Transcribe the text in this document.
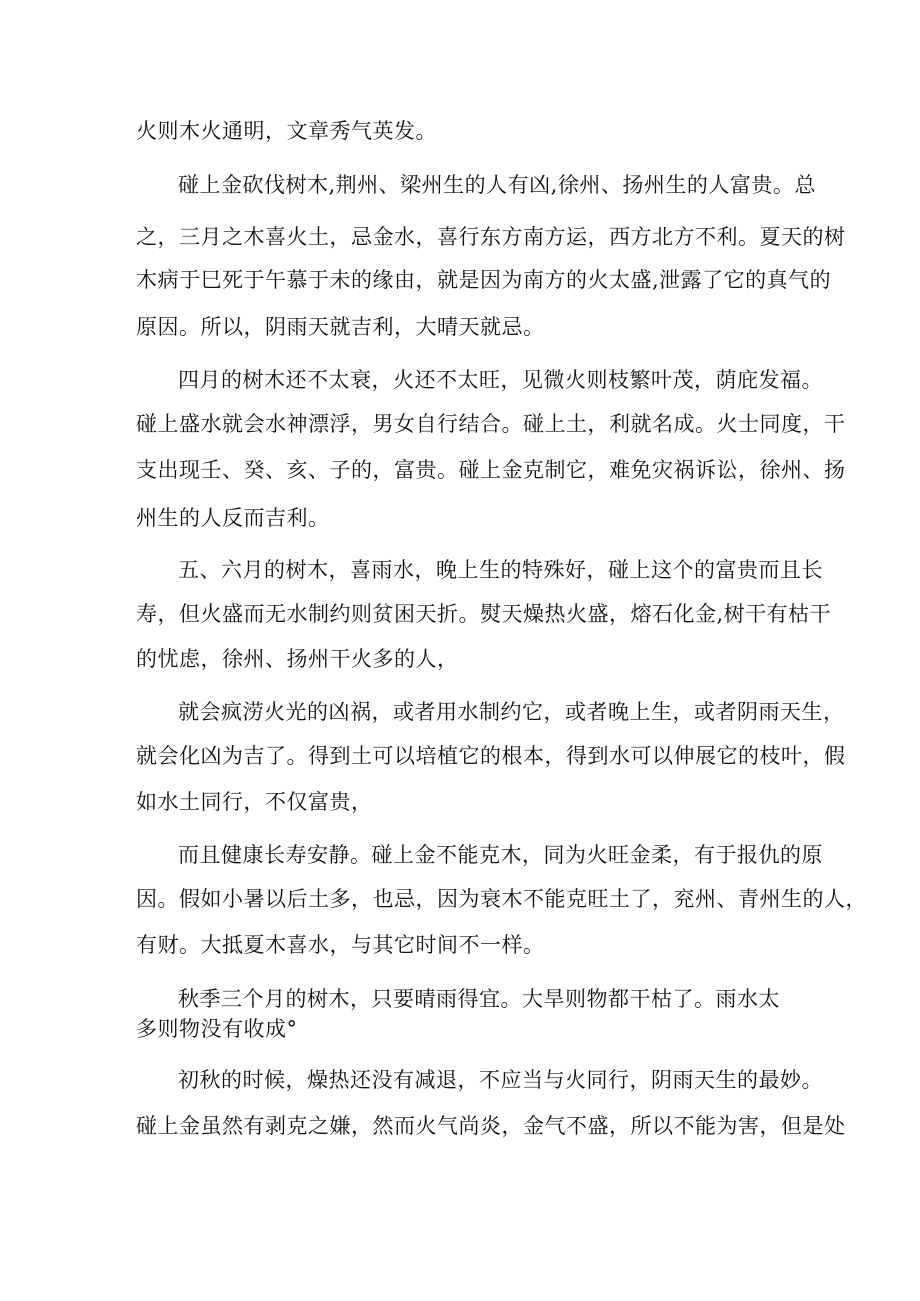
火则木火通明，文章秀气英发。
碰上金砍伐树木,荆州、梁州生的人有凶,徐州、扬州生的人富贵。总
之，三月之木喜火土，忌金水，喜行东方南方运，西方北方不利。夏天的树
木病于巳死于午慕于未的缘由，就是因为南方的火太盛,泄露了它的真气的
原因。所以，阴雨天就吉利，大晴天就忌。
四月的树木还不太衰，火还不太旺，见微火则枝繁叶茂，荫庇发福。
碰上盛水就会水神漂浮，男女自行结合。碰上土，利就名成。火士同度，干
支出现壬、癸、亥、子的，富贵。碰上金克制它，难免灾祸诉讼，徐州、扬
州生的人反而吉利。
五、六月的树木，喜雨水，晚上生的特殊好，碰上这个的富贵而且长
寿，但火盛而无水制约则贫困天折。熨天燥热火盛，熔石化金,树干有枯干
的忧虑，徐州、扬州干火多的人，
就会疯涝火光的凶祸，或者用水制约它，或者晚上生，或者阴雨天生，
就会化凶为吉了。得到土可以培植它的根本，得到水可以伸展它的枝叶，假
如水土同行，不仅富贵，
而且健康长寿安静。碰上金不能克木，同为火旺金柔，有于报仇的原
因。假如小暑以后土多，也忌，因为衰木不能克旺土了，兖州、青州生的人，
有财。大抵夏木喜水，与其它时间不一样。
秋季三个月的树木，只要晴雨得宜。大旱则物都干枯了。雨水太
多则物没有收成°
初秋的时候，燥热还没有减退，不应当与火同行，阴雨天生的最妙。
碰上金虽然有剥克之嫌，然而火气尚炎，金气不盛，所以不能为害，但是处
